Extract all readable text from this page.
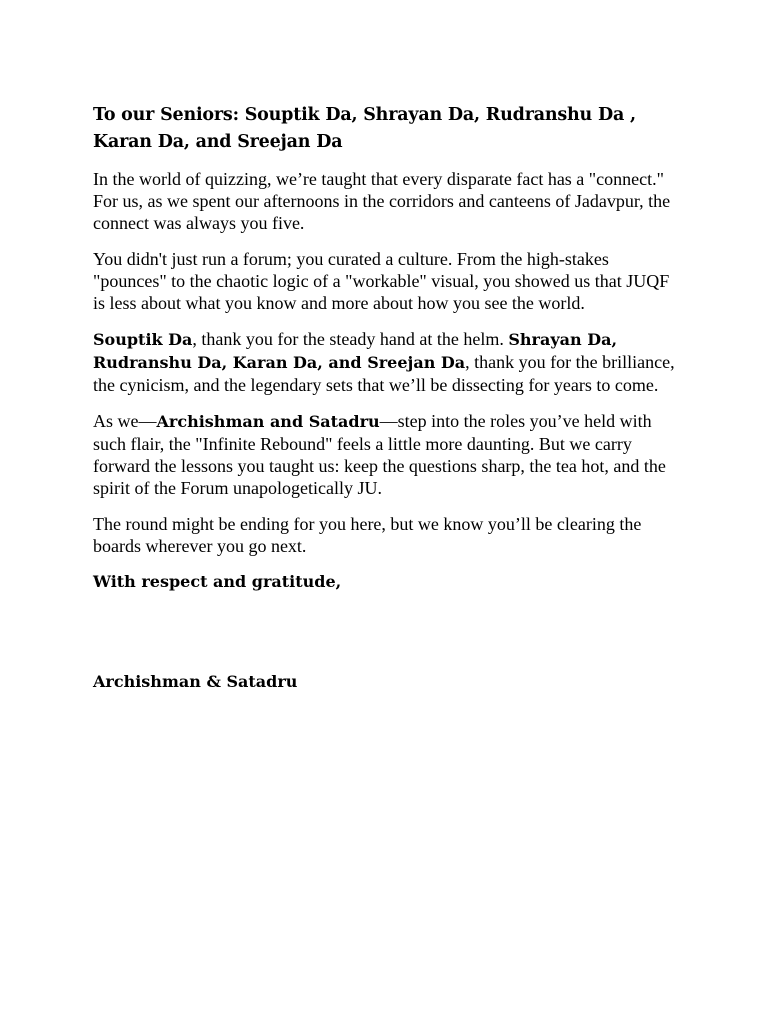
To our Seniors: Souptik Da, Shrayan Da, Rudranshu Da , Karan Da, and Sreejan Da

In the world of quizzing, we’re taught that every disparate fact has a "connect." For us, as we spent our afternoons in the corridors and canteens of Jadavpur, the connect was always you five.

You didn't just run a forum; you curated a culture. From the high-stakes "pounces" to the chaotic logic of a "workable" visual, you showed us that JUQF is less about what you know and more about how you see the world.

Souptik Da, thank you for the steady hand at the helm. Shrayan Da, Rudranshu Da, Karan Da, and Sreejan Da, thank you for the brilliance, the cynicism, and the legendary sets that we’ll be dissecting for years to come.

As we—Archishman and Satadru—step into the roles you’ve held with such flair, the "Infinite Rebound" feels a little more daunting. But we carry forward the lessons you taught us: keep the questions sharp, the tea hot, and the spirit of the Forum unapologetically JU.

The round might be ending for you here, but we know you’ll be clearing the boards wherever you go next.

With respect and gratitude,

Archishman & Satadru
